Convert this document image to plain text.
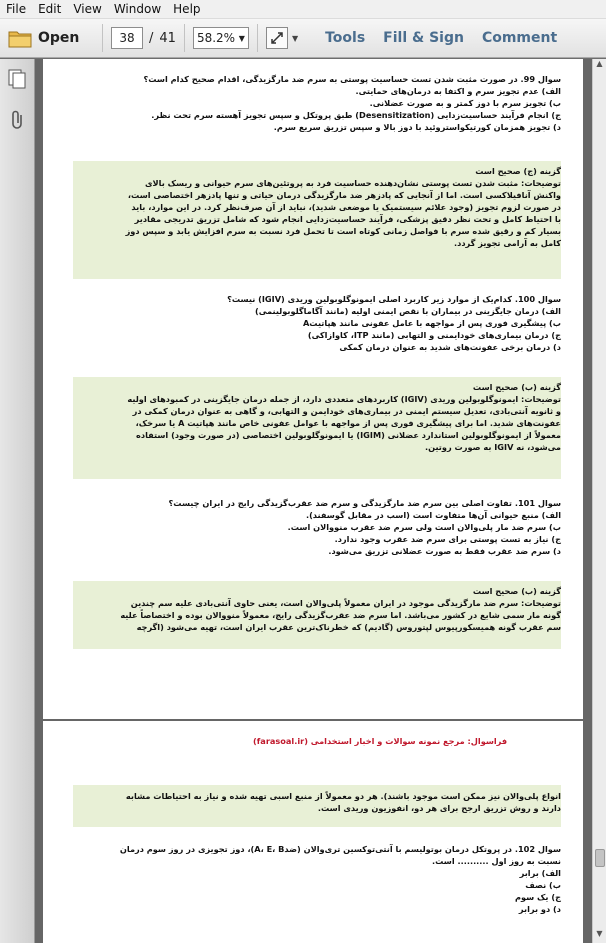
File	Edit	View	Window	Help
Open	38	/ 41 58.2% ▼	▼	Tools	Fill & Sign	Comment
سوال 99. در صورت مثبت شدن تست حساسیت پوستی به سرم ضد مارگزیدگی، اقدام صحیح کدام است؟
الف) عدم تجویز سرم و اکتفا به درمان‌های حمایتی.
ب) تجویز سرم با دوز کمتر و به صورت عضلانی.
ج) انجام فرآیند حساسیت‌زدایی (Desensitization) طبق پروتکل و سپس تجویز آهسته سرم تحت نظر.
د) تجویز همزمان کورتیکواستروئید با دوز بالا و سپس تزریق سریع سرم.
گزینه (ج) صحیح است
توضیحات: مثبت شدن تست پوستی نشان‌دهنده حساسیت فرد به پروتئین‌های سرم حیوانی و ریسک بالای
واکنش آنافیلاکسی است. اما از آنجایی که پادزهر ضد مارگزیدگی درمان حیاتی و تنها پادزهر اختصاصی است،
در صورت لزوم تجویز (وجود علائم سیستمیک یا موضعی شدید)، نباید از آن صرف‌نظر کرد. در این موارد، باید
با احتیاط کامل و تحت نظر دقیق پزشکی، فرآیند حساسیت‌زدایی انجام شود که شامل تزریق تدریجی مقادیر
بسیار کم و رقیق شده سرم با فواصل زمانی کوتاه است تا تحمل فرد نسبت به سرم افزایش یابد و سپس دوز
کامل به آرامی تجویز گردد.
سوال 100. کدام‌یک از موارد زیر کاربرد اصلی ایمونوگلوبولین وریدی (IGIV) نیست؟
الف) درمان جایگزینی در بیماران با نقص ایمنی اولیه (مانند آگاماگلوبولینمی)
ب) پیشگیری فوری پس از مواجهه با عامل عفونی مانند هپاتیتA
ج) درمان بیماری‌های خودایمنی و التهابی (مانند ITP، کاوازاکی)
د) درمان برخی عفونت‌های شدید به عنوان درمان کمکی
گزینه (ب) صحیح است
توضیحات: ایمونوگلوبولین وریدی (IGIV) کاربردهای متعددی دارد، از جمله درمان جایگزینی در کمبودهای اولیه
و ثانویه آنتی‌بادی، تعدیل سیستم ایمنی در بیماری‌های خودایمن و التهابی، و گاهی به عنوان درمان کمکی در
عفونت‌های شدید. اما برای پیشگیری فوری پس از مواجهه با عوامل عفونی خاص مانند هپاتیت A یا سرخک،
معمولاً از ایمونوگلوبولین استاندارد عضلانی (IGIM) یا ایمونوگلوبولین اختصاصی (در صورت وجود) استفاده
می‌شود، نه IGIV به صورت روتین.
سوال 101. تفاوت اصلی بین سرم ضد مارگزیدگی و سرم ضد عقرب‌گزیدگی رایج در ایران چیست؟
الف) منبع حیوانی آن‌ها متفاوت است (اسب در مقابل گوسفند).
ب) سرم ضد مار پلی‌والان است ولی سرم ضد عقرب منووالان است.
ج) نیاز به تست پوستی برای سرم ضد عقرب وجود ندارد.
د) سرم ضد عقرب فقط به صورت عضلانی تزریق می‌شود.
گزینه (ب) صحیح است
توضیحات: سرم ضد مارگزیدگی موجود در ایران معمولاً پلی‌والان است، یعنی حاوی آنتی‌بادی علیه سم چندین
گونه مار سمی شایع در کشور می‌باشد. اما سرم ضد عقرب‌گزیدگی رایج، معمولاً منووالان بوده و اختصاصاً علیه
سم عقرب گونه همیسکورپیوس لپتوروس (گادیم) که خطرناک‌ترین عقرب ایران است، تهیه می‌شود (اگرچه
فراسوال: مرجع نمونه سوالات و اخبار استخدامی (farasoal.ir)
انواع پلی‌والان نیز ممکن است موجود باشند). هر دو معمولاً از منبع اسبی تهیه شده و نیاز به احتیاطات مشابه
دارند و روش تزریق ارجح برای هر دو، انفوزیون وریدی است.
سوال 102. در پروتکل درمان بوتولیسم با آنتی‌توکسین تری‌والان (ضدA، E، B)، دوز تجویزی در روز سوم درمان
نسبت به روز اول .......... است.
الف) برابر
ب) نصف
ج) یک سوم
د) دو برابر
▲
▼
